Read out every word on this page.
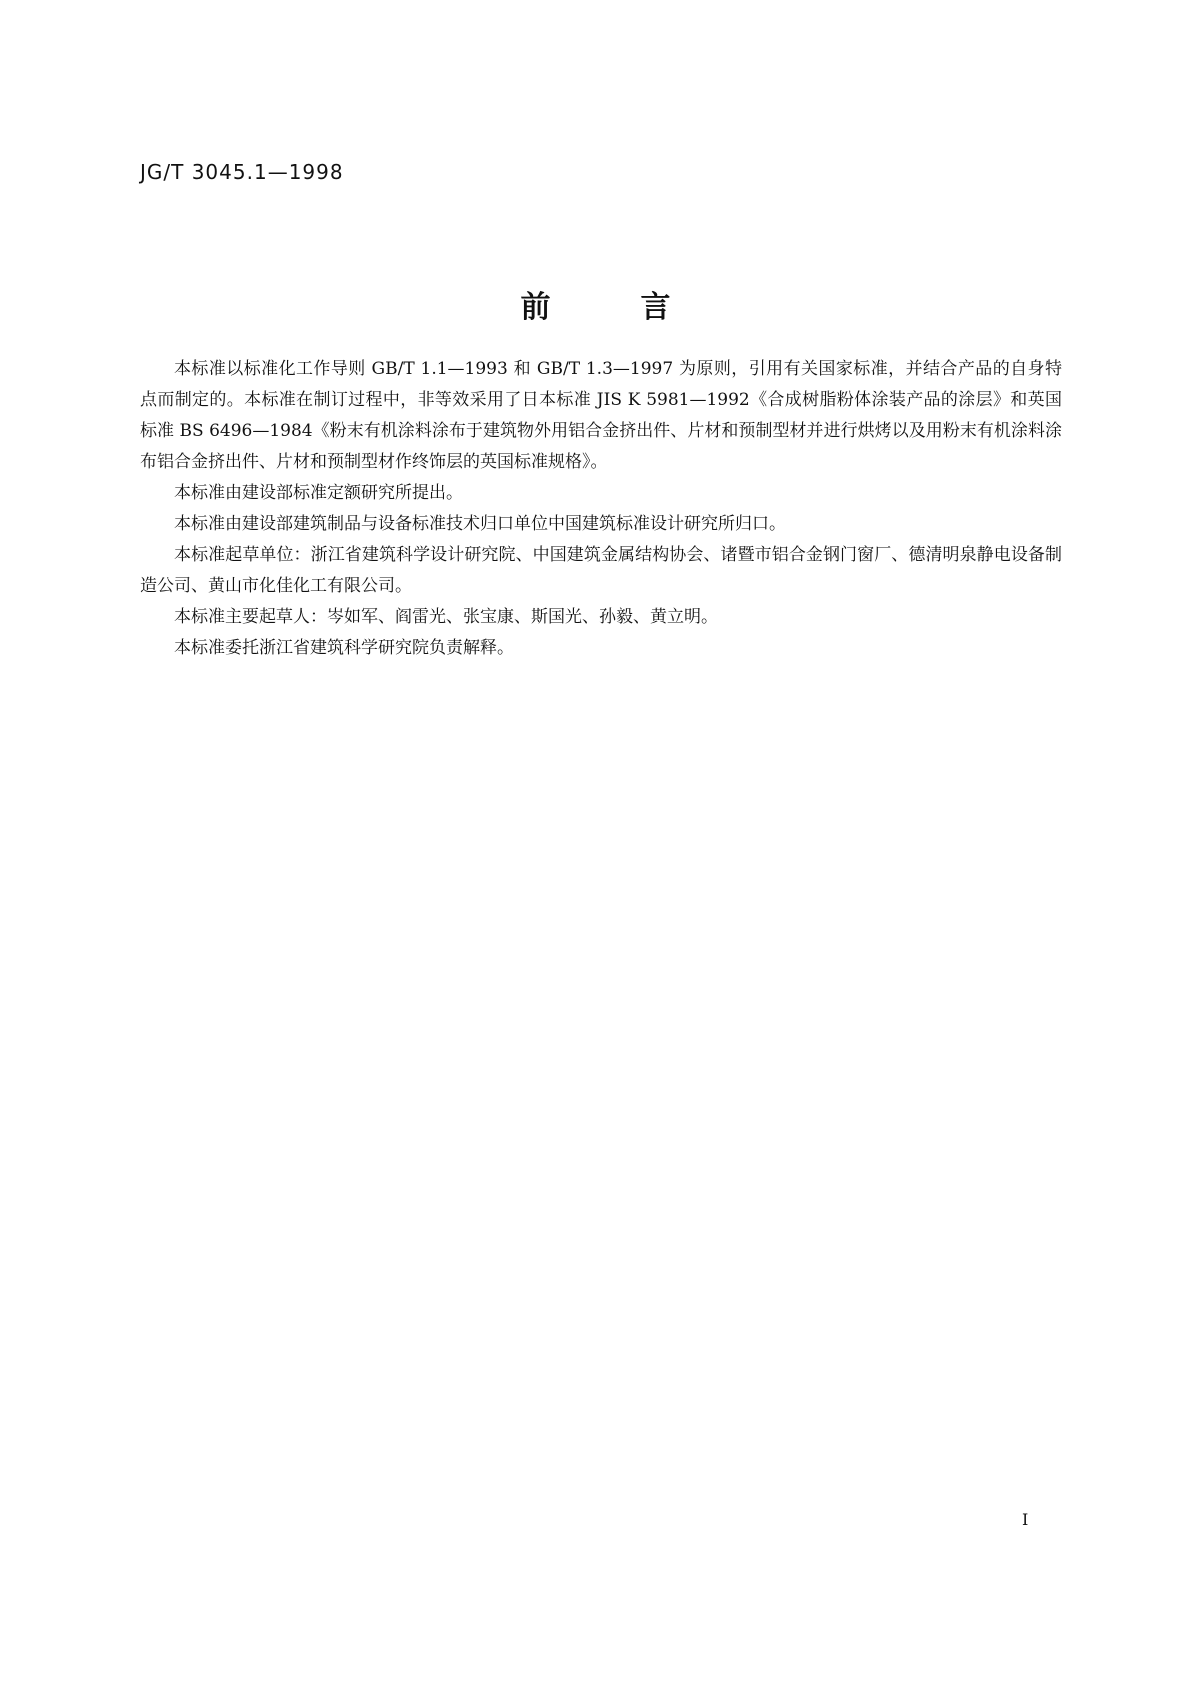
JG/T 3045.1—1998
前	言

本标准以标准化工作导则 GB/T 1.1—1993 和 GB/T 1.3—1997 为原则，引用有关国家标准，并结合产品的自身特点而制定的。本标准在制订过程中，非等效采用了日本标准 JIS K 5981—1992《合成树脂粉体涂装产品的涂层》和英国标准 BS 6496—1984《粉末有机涂料涂布于建筑物外用铝合金挤出件、片材和预制型材并进行烘烤以及用粉末有机涂料涂布铝合金挤出件、片材和预制型材作终饰层的英国标准规格》。

本标准由建设部标准定额研究所提出。

本标准由建设部建筑制品与设备标准技术归口单位中国建筑标准设计研究所归口。

本标准起草单位：浙江省建筑科学设计研究院、中国建筑金属结构协会、诸暨市铝合金钢门窗厂、德清明泉静电设备制造公司、黄山市化佳化工有限公司。

本标准主要起草人：岑如军、阎雷光、张宝康、斯国光、孙毅、黄立明。

本标准委托浙江省建筑科学研究院负责解释。

I
